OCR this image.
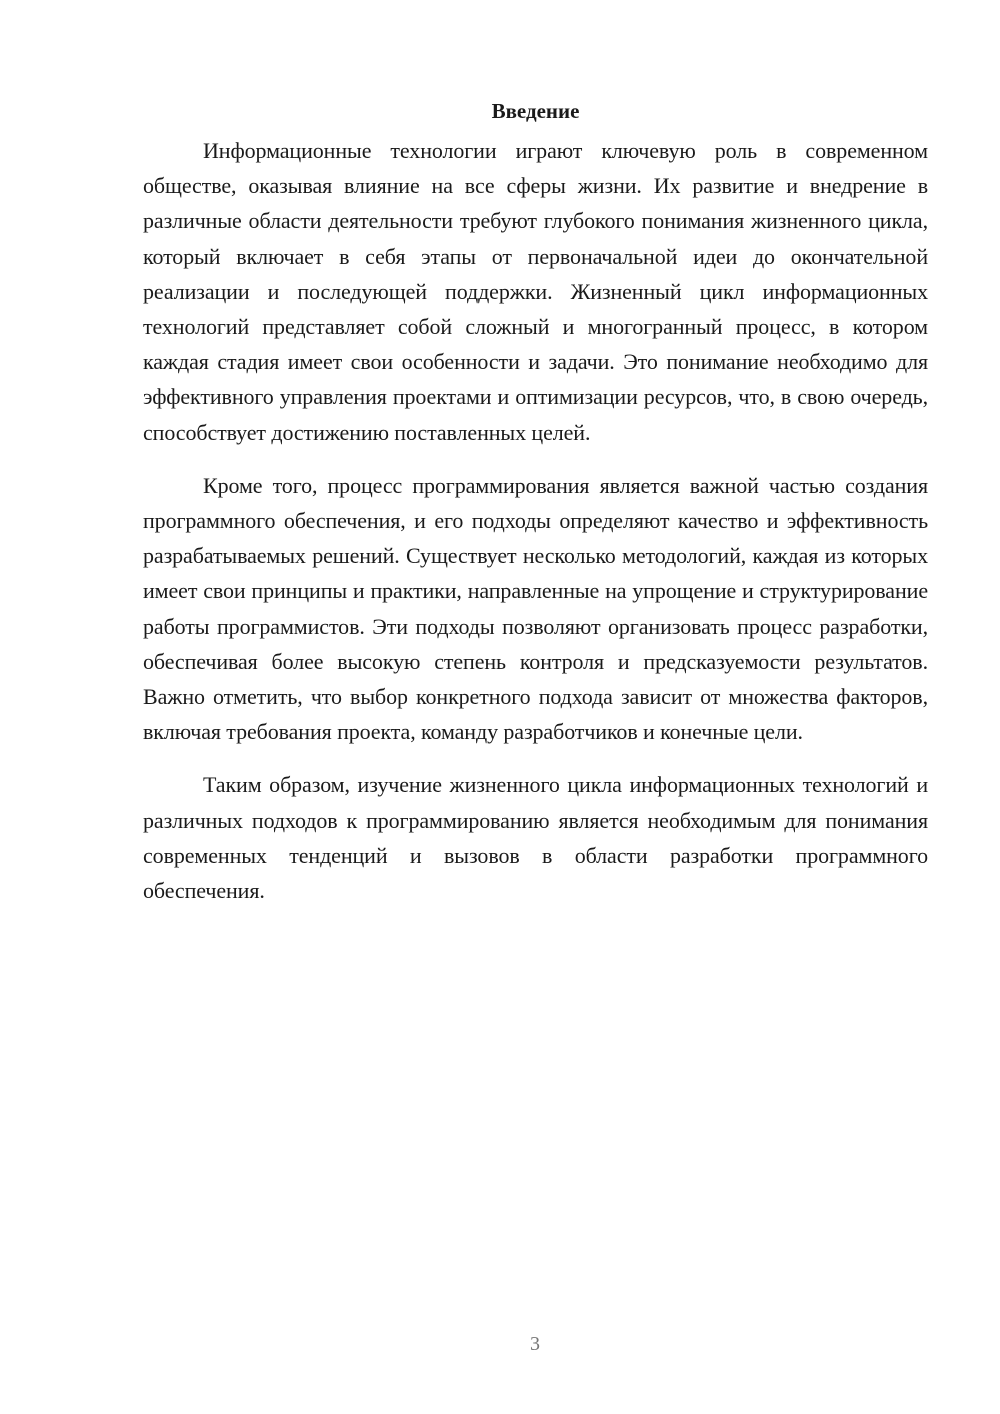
Введение

Информационные технологии играют ключевую роль в современном обществе, оказывая влияние на все сферы жизни. Их развитие и внедрение в различные области деятельности требуют глубокого понимания жизненного цикла, который включает в себя этапы от первоначальной идеи до окончательной реализации и последующей поддержки. Жизненный цикл информационных технологий представляет собой сложный и многогранный процесс, в котором каждая стадия имеет свои особенности и задачи. Это понимание необходимо для эффективного управления проектами и оптимизации ресурсов, что, в свою очередь, способствует достижению поставленных целей.

Кроме того, процесс программирования является важной частью создания программного обеспечения, и его подходы определяют качество и эффективность разрабатываемых решений. Существует несколько методологий, каждая из которых имеет свои принципы и практики, направленные на упрощение и структурирование работы программистов. Эти подходы позволяют организовать процесс разработки, обеспечивая более высокую степень контроля и предсказуемости результатов. Важно отметить, что выбор конкретного подхода зависит от множества факторов, включая требования проекта, команду разработчиков и конечные цели.

Таким образом, изучение жизненного цикла информационных технологий и различных подходов к программированию является необходимым для понимания современных тенденций и вызовов в области разработки программного обеспечения.

3
